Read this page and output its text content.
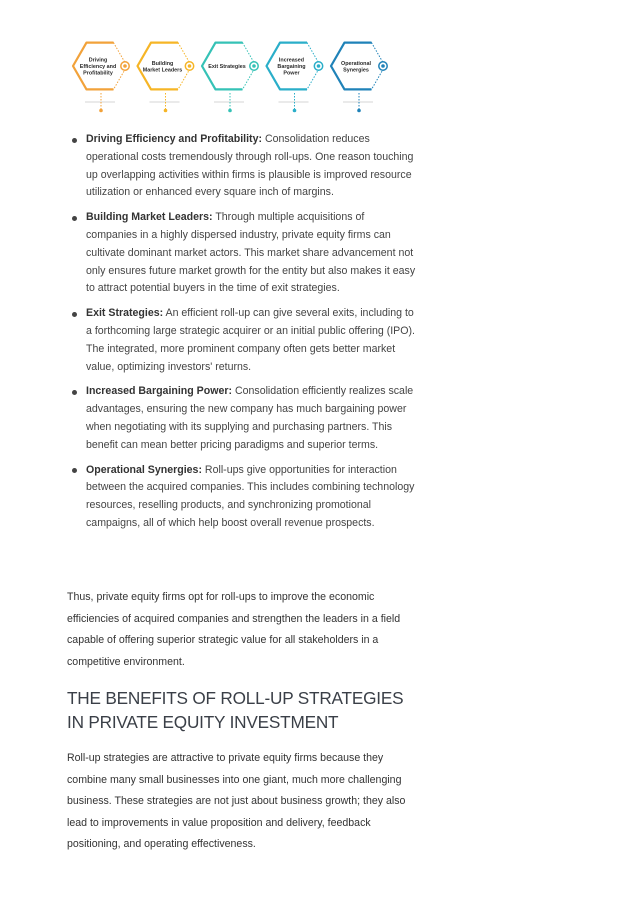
Driving
Efficiency and
Profitability
Building
Market Leaders
Exit Strategies
Increased
Bargaining
Power
Operational
Synergies
Driving Efficiency and Profitability: Consolidation reduces operational costs tremendously through roll-ups. One reason touching up overlapping activities within firms is plausible is improved resource utilization or enhanced every square inch of margins.
Building Market Leaders: Through multiple acquisitions of companies in a highly dispersed industry, private equity firms can cultivate dominant market actors. This market share advancement not only ensures future market growth for the entity but also makes it easy to attract potential buyers in the time of exit strategies.
Exit Strategies: An efficient roll-up can give several exits, including to a forthcoming large strategic acquirer or an initial public offering (IPO). The integrated, more prominent company often gets better market value, optimizing investors' returns.
Increased Bargaining Power: Consolidation efficiently realizes scale advantages, ensuring the new company has much bargaining power when negotiating with its supplying and purchasing partners. This benefit can mean better pricing paradigms and superior terms.
Operational Synergies: Roll-ups give opportunities for interaction between the acquired companies. This includes combining technology resources, reselling products, and synchronizing promotional campaigns, all of which help boost overall revenue prospects.

Thus, private equity firms opt for roll-ups to improve the economic efficiencies of acquired companies and strengthen the leaders in a field capable of offering superior strategic value for all stakeholders in a competitive environment.

THE BENEFITS OF ROLL-UP STRATEGIES IN PRIVATE EQUITY INVESTMENT

Roll-up strategies are attractive to private equity firms because they combine many small businesses into one giant, much more challenging business. These strategies are not just about business growth; they also lead to improvements in value proposition and delivery, feedback positioning, and operating effectiveness.
